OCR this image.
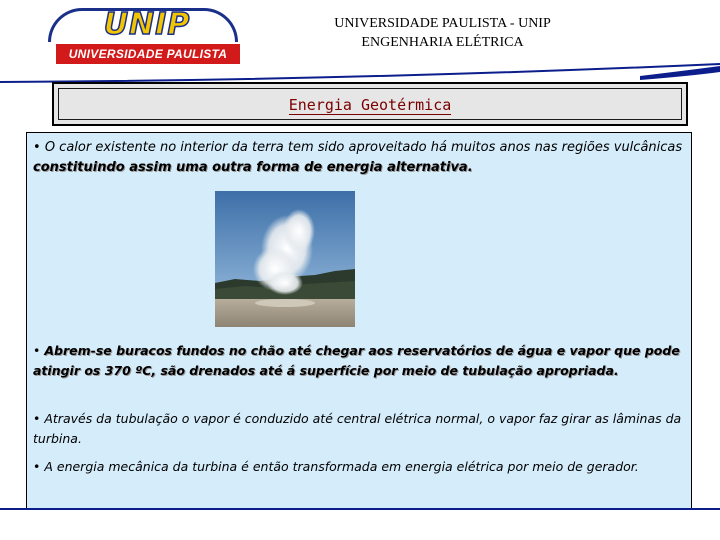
UNIP
UNIVERSIDADE PAULISTA
UNIVERSIDADE PAULISTA - UNIP
ENGENHARIA ELÉTRICA
Energia Geotérmica
• O calor existente no interior da terra tem sido aproveitado há muitos anos nas regiões vulcânicas constituindo assim uma outra forma de energia alternativa.
• Abrem-se buracos fundos no chão até chegar aos reservatórios de água e vapor que pode atingir os 370 ºC, são drenados até á superfície por meio de tubulação apropriada.
• Através da tubulação o vapor é conduzido até central elétrica normal, o vapor faz girar as lâminas da turbina.
• A energia mecânica da turbina é então transformada em energia elétrica por meio de gerador.
